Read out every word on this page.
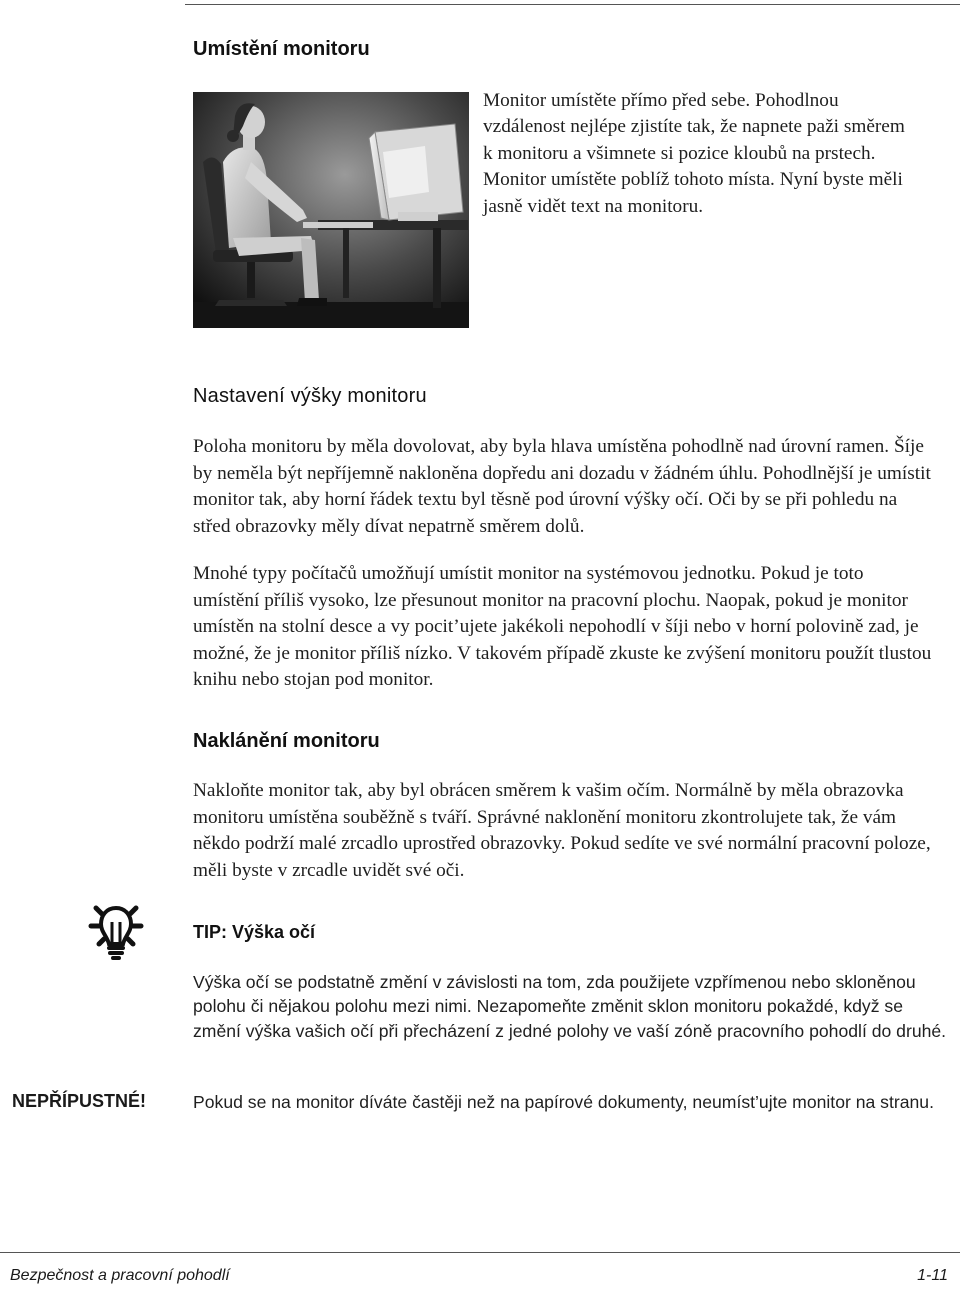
Umístění monitoru

Monitor umístěte přímo před sebe. Pohodlnou vzdálenost nejlépe zjistíte tak, že napnete paži směrem k monitoru a všimnete si pozice kloubů na prstech. Monitor umístěte poblíž tohoto místa. Nyní byste měli jasně vidět text na monitoru.

Nastavení výšky monitoru

Poloha monitoru by měla dovolovat, aby byla hlava umístěna pohodlně nad úrovní ramen. Šíje by neměla být nepříjemně nakloněna dopředu ani dozadu v žádném úhlu. Pohodlnější je umístit monitor tak, aby horní řádek textu byl těsně pod úrovní výšky očí. Oči by se při pohledu na střed obrazovky měly dívat nepatrně směrem dolů.

Mnohé typy počítačů umožňují umístit monitor na systémovou jednotku. Pokud je toto umístění příliš vysoko, lze přesunout monitor na pracovní plochu. Naopak, pokud je monitor umístěn na stolní desce a vy pocit’ujete jakékoli nepohodlí v šíji nebo v horní polovině zad, je možné, že je monitor příliš nízko. V takovém případě zkuste ke zvýšení monitoru použít tlustou knihu nebo stojan pod monitor.

Naklánění monitoru

Nakloňte monitor tak, aby byl obrácen směrem k vašim očím. Normálně by měla obrazovka monitoru umístěna souběžně s tváří. Správné naklonění monitoru zkontrolujete tak, že vám někdo podrží malé zrcadlo uprostřed obrazovky. Pokud sedíte ve své normální pracovní poloze, měli byste v zrcadle uvidět své oči.

TIP: Výška očí

Výška očí se podstatně změní v závislosti na tom, zda použijete vzpřímenou nebo skloněnou polohu či nějakou polohu mezi nimi. Nezapomeňte změnit sklon monitoru pokaždé, když se změní výška vašich očí při přecházení z jedné polohy ve vaší zóně pracovního pohodlí do druhé.

NEPŘÍPUSTNÉ!	Pokud se na monitor díváte častěji než na papírové dokumenty, neumíst’ujte monitor na stranu.

Bezpečnost a pracovní pohodlí	1-11
